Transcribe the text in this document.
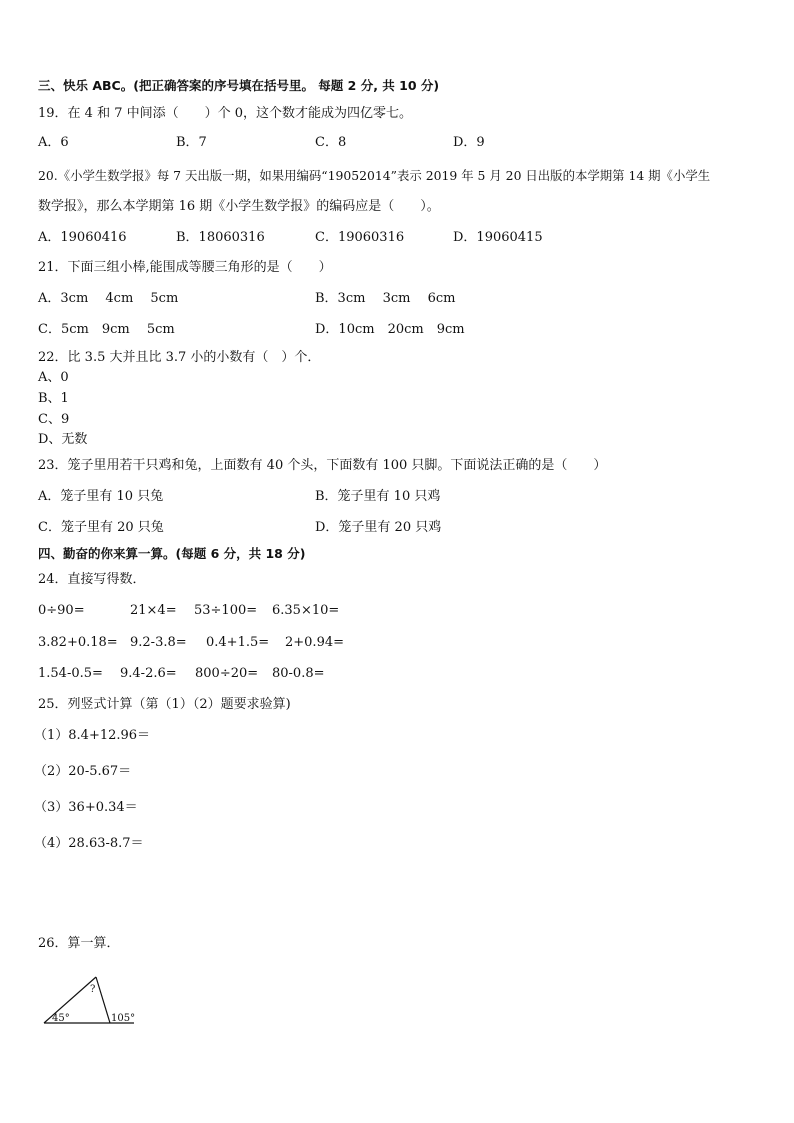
三、快乐 ABC。(把正确答案的序号填在括号里。 每题 2 分, 共 10 分)
19．在 4 和 7 中间添（　　）个 0，这个数才能成为四亿零七。
A．6	B．7	C．8	D．9
20.《小学生数学报》每 7 天出版一期，如果用编码“19052014”表示 2019 年 5 月 20 日出版的本学期第 14 期《小学生
数学报》，那么本学期第 16 期《小学生数学报》的编码应是（　　）。
A．19060416	B．18060316	C．19060316	D．19060415
21．下面三组小棒,能围成等腰三角形的是（　　）
A．3cm　 4cm　 5cm	B．3cm　 3cm　 6cm
C．5cm　9cm　 5cm	D．10cm　20cm　9cm
22．比 3.5 大并且比 3.7 小的小数有（　）个．
A、0
B、1
C、9
D、无数
23．笼子里用若干只鸡和兔，上面数有 40 个头，下面数有 100 只脚。下面说法正确的是（　　）
A．笼子里有 10 只兔	B．笼子里有 10 只鸡
C．笼子里有 20 只兔	D．笼子里有 20 只鸡
四、勤奋的你来算一算。(每题 6 分，共 18 分)
24．直接写得数．
0÷90=	21×4= 53÷100= 6.35×10=
3.82+0.18= 9.2-3.8= 0.4+1.5= 2+0.94=
1.54-0.5= 9.4-2.6= 800÷20= 80-0.8=
25．列竖式计算（第（1）（2）题要求验算)
（1）8.4+12.96＝
（2）20-5.67＝
（3）36+0.34＝
（4）28.63-8.7＝
26．算一算．
?
45°	105°
